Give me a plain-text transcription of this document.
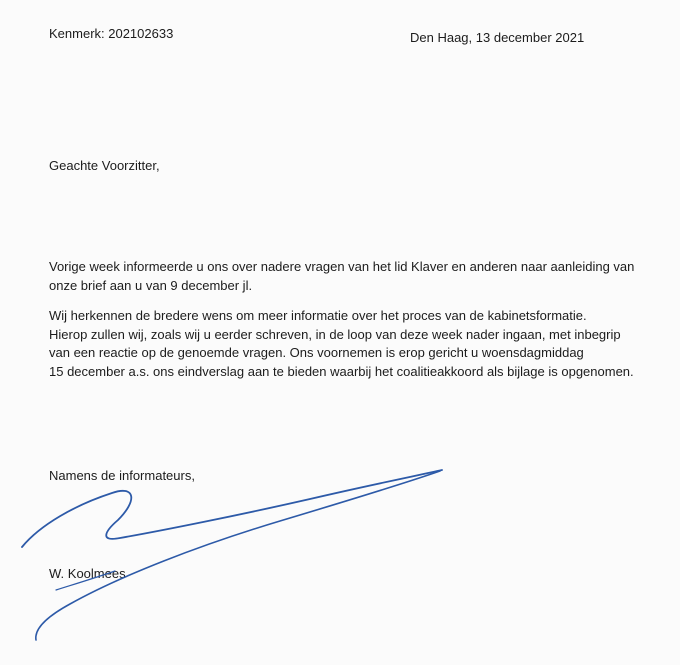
Kenmerk: 202102633	Den Haag, 13 december 2021

Geachte Voorzitter,

Vorige week informeerde u ons over nadere vragen van het lid Klaver en anderen naar aanleiding van
onze brief aan u van 9 december jl.
Wij herkennen de bredere wens om meer informatie over het proces van de kabinetsformatie.
Hierop zullen wij, zoals wij u eerder schreven, in de loop van deze week nader ingaan, met inbegrip
van een reactie op de genoemde vragen. Ons voornemen is erop gericht u woensdagmiddag
15 december a.s. ons eindverslag aan te bieden waarbij het coalitieakkoord als bijlage is opgenomen.

Namens de informateurs,

W. Koolmees
